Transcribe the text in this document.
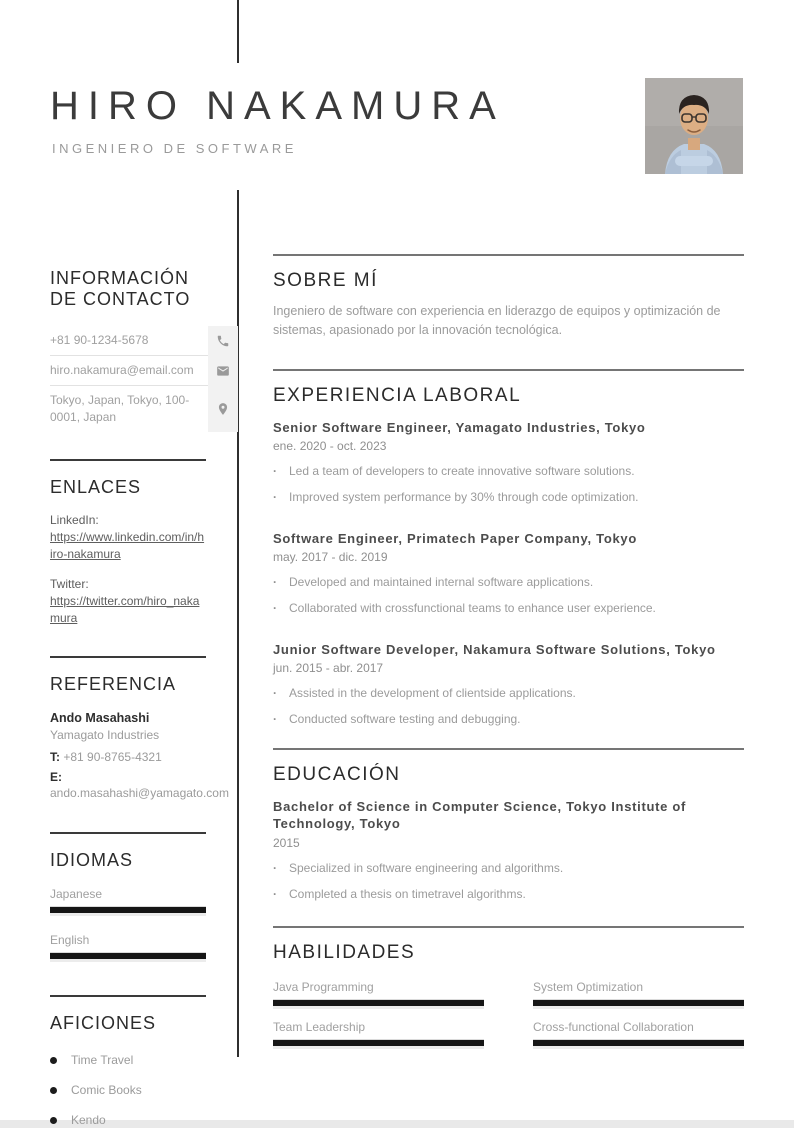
HIRO NAKAMURA
INGENIERO DE SOFTWARE
INFORMACIÓN DE CONTACTO
+81 90-1234-5678
hiro.nakamura@email.com
Tokyo, Japan, Tokyo, 100-0001, Japan
ENLACES
LinkedIn:
https://www.linkedin.com/in/hiro-nakamura
Twitter:
https://twitter.com/hiro_nakamura
REFERENCIA
Ando Masahashi
Yamagato Industries
T: +81 90-8765-4321
E: ando.masahashi@yamagato.com
IDIOMAS
Japanese
English
AFICIONES
Time Travel
Comic Books
Kendo
SOBRE MÍ

Ingeniero de software con experiencia en liderazgo de equipos y optimización de sistemas, apasionado por la innovación tecnológica.

EXPERIENCIA LABORAL
Senior Software Engineer, Yamagato Industries, Tokyo
ene. 2020 - oct. 2023
· Led a team of developers to create innovative software solutions.
· Improved system performance by 30% through code optimization.
Software Engineer, Primatech Paper Company, Tokyo
may. 2017 - dic. 2019
· Developed and maintained internal software applications.
· Collaborated with crossfunctional teams to enhance user experience.
Junior Software Developer, Nakamura Software Solutions, Tokyo
jun. 2015 - abr. 2017
· Assisted in the development of clientside applications.
· Conducted software testing and debugging.
EDUCACIÓN
Bachelor of Science in Computer Science, Tokyo Institute of Technology, Tokyo
2015
· Specialized in software engineering and algorithms.
· Completed a thesis on timetravel algorithms.
HABILIDADES
Java Programming	System Optimization
Team Leadership	Cross-functional Collaboration
